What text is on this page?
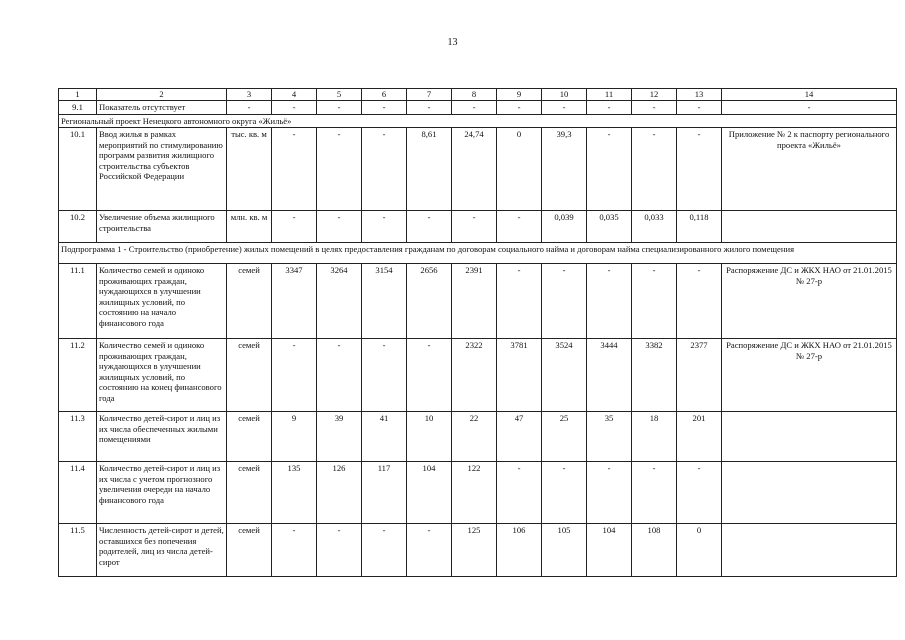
13
1	2	3	4	5	6	7	8	9	10	11	12	13	14
9.1	Показатель отсутствует	-	-	-	-	-	-	-	-	-	-	-	-
Региональный проект Ненецкого автономного округа «Жильё»													
10.1	Ввод жилья в рамках мероприятий по стимулированию программ развития жилищного строительства субъектов Российской Федерации	тыс. кв. м	-	-	-	8,61	24,74	0	39,3	-	-	-	Приложение № 2 к паспорту регионального проекта «Жильё»
10.2	Увеличение объема жилищного строительства	млн. кв. м	-	-	-	-	-	-	0,039	0,035	0,033	0,118	
Подпрограмма 1 - Строительство (приобретение) жилых помещений в целях предоставления гражданам по договорам социального найма и договорам найма специализированного жилого помещения													
11.1	Количество семей и одиноко проживающих граждан, нуждающихся в улучшении жилищных условий, по состоянию на начало финансового года	семей	3347	3264	3154	2656	2391	-	-	-	-	-	Распоряжение ДС и ЖКХ НАО от 21.01.2015 № 27-р
11.2	Количество семей и одиноко проживающих граждан, нуждающихся в улучшении жилищных условий, по состоянию на конец финансового года	семей	-	-	-	-	2322	3781	3524	3444	3382	2377	Распоряжение ДС и ЖКХ НАО от 21.01.2015 № 27-р
11.3	Количество детей-сирот и лиц из их числа обеспеченных жилыми помещениями	семей	9	39	41	10	22	47	25	35	18	201	
11.4	Количество детей-сирот и лиц из их числа с учетом прогнозного увеличения очереди на начало финансового года	семей	135	126	117	104	122	-	-	-	-	-	
11.5	Численность детей-сирот и детей, оставшихся без попечения родителей, лиц из числа детей-сирот	семей	-	-	-	-	125	106	105	104	108	0	
